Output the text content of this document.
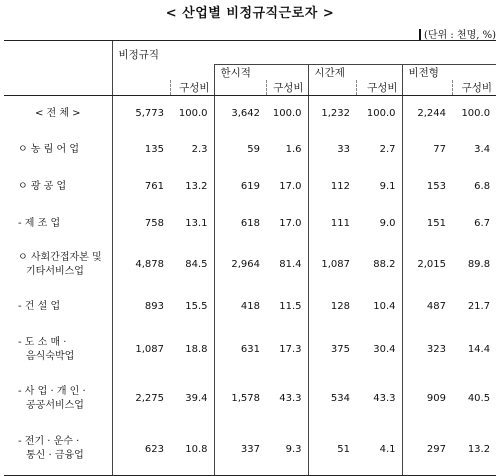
< 산업별 비정규직근로자 >
(단위 : 천명, %)
	비정규직							
			한시적		시간제		비전형	
		구성비		구성비		구성비		구성비

< 전 체 >	5,773	100.0	3,642	100.0	1,232	100.0	2,244	100.0

ㅇ 농 림 어 업	135	2.3	59	1.6	33	2.7	77	3.4

ㅇ 광 공 업	761	13.2	619	17.0	112	9.1	153	6.8

- 제 조 업	758	13.1	618	17.0	111	9.0	151	6.7

ㅇ 사회간접자본 및
기타서비스업	4,878	84.5	2,964	81.4	1,087	88.2	2,015	89.8

- 건 설 업	893	15.5	418	11.5	128	10.4	487	21.7

- 도 소 매 ·
음식숙박업	1,087	18.8	631	17.3	375	30.4	323	14.4

- 사 업 · 개 인 ·
공공서비스업	2,275	39.4	1,578	43.3	534	43.3	909	40.5

- 전기 · 운수 ·
통신 · 금융업	623	10.8	337	9.3	51	4.1	297	13.2
